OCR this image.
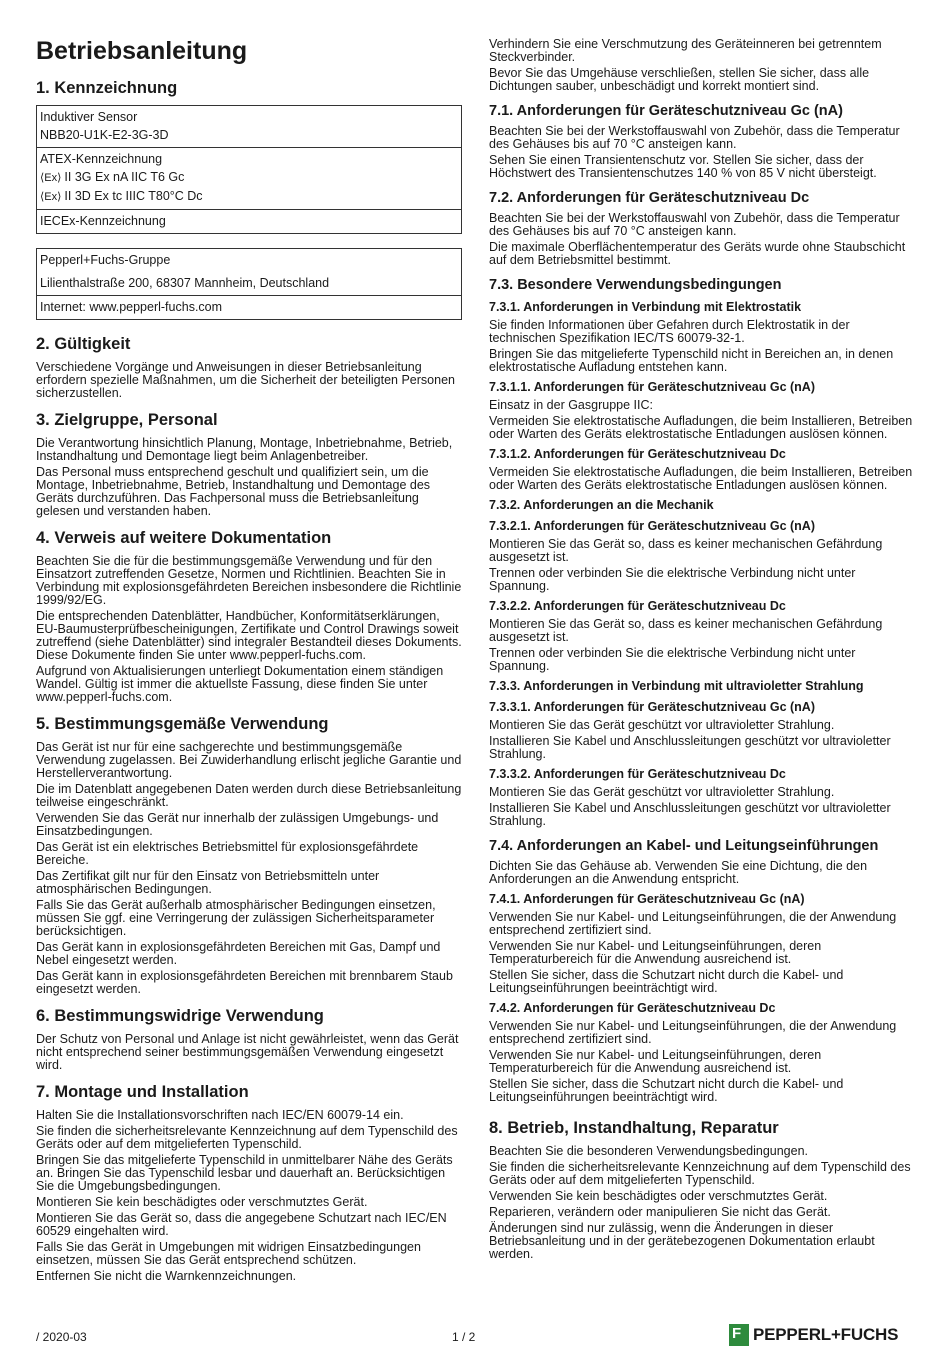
Betriebsanleitung
1. Kennzeichnung
Induktiver Sensor
NBB20-U1K-E2-3G-3D
ATEX-Kennzeichnung
⟨Ex⟩ II 3G Ex nA IIC T6 Gc
⟨Ex⟩ II 3D Ex tc IIIC T80°C Dc
IECEx-Kennzeichnung
Pepperl+Fuchs-Gruppe
Lilienthalstraße 200, 68307 Mannheim, Deutschland
Internet: www.pepperl-fuchs.com
2. Gültigkeit

Verschiedene Vorgänge und Anweisungen in dieser Betriebsanleitung erfordern spezielle Maßnahmen, um die Sicherheit der beteiligten Personen sicherzustellen.

3. Zielgruppe, Personal

Die Verantwortung hinsichtlich Planung, Montage, Inbetriebnahme, Betrieb, Instandhaltung und Demontage liegt beim Anlagenbetreiber.

Das Personal muss entsprechend geschult und qualifiziert sein, um die Montage, Inbetriebnahme, Betrieb, Instandhaltung und Demontage des Geräts durchzuführen. Das Fachpersonal muss die Betriebsanleitung gelesen und verstanden haben.

4. Verweis auf weitere Dokumentation

Beachten Sie die für die bestimmungsgemäße Verwendung und für den Einsatzort zutreffenden Gesetze, Normen und Richtlinien. Beachten Sie in Verbindung mit explosionsgefährdeten Bereichen insbesondere die Richtlinie 1999/92/EG.

Die entsprechenden Datenblätter, Handbücher, Konformitätserklärungen, EU-Baumusterprüfbescheinigungen, Zertifikate und Control Drawings soweit zutreffend (siehe Datenblätter) sind integraler Bestandteil dieses Dokuments. Diese Dokumente finden Sie unter www.pepperl-fuchs.com.

Aufgrund von Aktualisierungen unterliegt Dokumentation einem ständigen Wandel. Gültig ist immer die aktuellste Fassung, diese finden Sie unter www.pepperl-fuchs.com.

5. Bestimmungsgemäße Verwendung

Das Gerät ist nur für eine sachgerechte und bestimmungsgemäße Verwendung zugelassen. Bei Zuwiderhandlung erlischt jegliche Garantie und Herstellerverantwortung.

Die im Datenblatt angegebenen Daten werden durch diese Betriebsanleitung teilweise eingeschränkt.

Verwenden Sie das Gerät nur innerhalb der zulässigen Umgebungs- und Einsatzbedingungen.

Das Gerät ist ein elektrisches Betriebsmittel für explosionsgefährdete Bereiche.

Das Zertifikat gilt nur für den Einsatz von Betriebsmitteln unter atmosphärischen Bedingungen.

Falls Sie das Gerät außerhalb atmosphärischer Bedingungen einsetzen, müssen Sie ggf. eine Verringerung der zulässigen Sicherheitsparameter berücksichtigen.

Das Gerät kann in explosionsgefährdeten Bereichen mit Gas, Dampf und Nebel eingesetzt werden.

Das Gerät kann in explosionsgefährdeten Bereichen mit brennbarem Staub eingesetzt werden.

6. Bestimmungswidrige Verwendung

Der Schutz von Personal und Anlage ist nicht gewährleistet, wenn das Gerät nicht entsprechend seiner bestimmungsgemäßen Verwendung eingesetzt wird.

7. Montage und Installation

Halten Sie die Installationsvorschriften nach IEC/EN 60079-14 ein.

Sie finden die sicherheitsrelevante Kennzeichnung auf dem Typenschild des Geräts oder auf dem mitgelieferten Typenschild.

Bringen Sie das mitgelieferte Typenschild in unmittelbarer Nähe des Geräts an. Bringen Sie das Typenschild lesbar und dauerhaft an. Berücksichtigen Sie die Umgebungsbedingungen.

Montieren Sie kein beschädigtes oder verschmutztes Gerät.

Montieren Sie das Gerät so, dass die angegebene Schutzart nach IEC/EN 60529 eingehalten wird.

Falls Sie das Gerät in Umgebungen mit widrigen Einsatzbedingungen einsetzen, müssen Sie das Gerät entsprechend schützen.

Entfernen Sie nicht die Warnkennzeichnungen.

Verhindern Sie eine Verschmutzung des Geräteinneren bei getrenntem Steckverbinder.

Bevor Sie das Umgehäuse verschließen, stellen Sie sicher, dass alle Dichtungen sauber, unbeschädigt und korrekt montiert sind.

7.1. Anforderungen für Geräteschutzniveau Gc (nA)

Beachten Sie bei der Werkstoffauswahl von Zubehör, dass die Temperatur des Gehäuses bis auf 70 °C ansteigen kann.

Sehen Sie einen Transientenschutz vor. Stellen Sie sicher, dass der Höchstwert des Transientenschutzes 140 % von 85 V nicht übersteigt.

7.2. Anforderungen für Geräteschutzniveau Dc

Beachten Sie bei der Werkstoffauswahl von Zubehör, dass die Temperatur des Gehäuses bis auf 70 °C ansteigen kann.

Die maximale Oberflächentemperatur des Geräts wurde ohne Staubschicht auf dem Betriebsmittel bestimmt.

7.3. Besondere Verwendungsbedingungen
7.3.1. Anforderungen in Verbindung mit Elektrostatik

Sie finden Informationen über Gefahren durch Elektrostatik in der technischen Spezifikation IEC/TS 60079-32-1.

Bringen Sie das mitgelieferte Typenschild nicht in Bereichen an, in denen elektrostatische Aufladung entstehen kann.

7.3.1.1. Anforderungen für Geräteschutzniveau Gc (nA)

Einsatz in der Gasgruppe IIC:

Vermeiden Sie elektrostatische Aufladungen, die beim Installieren, Betreiben oder Warten des Geräts elektrostatische Entladungen auslösen können.

7.3.1.2. Anforderungen für Geräteschutzniveau Dc

Vermeiden Sie elektrostatische Aufladungen, die beim Installieren, Betreiben oder Warten des Geräts elektrostatische Entladungen auslösen können.

7.3.2. Anforderungen an die Mechanik
7.3.2.1. Anforderungen für Geräteschutzniveau Gc (nA)

Montieren Sie das Gerät so, dass es keiner mechanischen Gefährdung ausgesetzt ist.

Trennen oder verbinden Sie die elektrische Verbindung nicht unter Spannung.

7.3.2.2. Anforderungen für Geräteschutzniveau Dc

Montieren Sie das Gerät so, dass es keiner mechanischen Gefährdung ausgesetzt ist.

Trennen oder verbinden Sie die elektrische Verbindung nicht unter Spannung.

7.3.3. Anforderungen in Verbindung mit ultravioletter Strahlung
7.3.3.1. Anforderungen für Geräteschutzniveau Gc (nA)

Montieren Sie das Gerät geschützt vor ultravioletter Strahlung.

Installieren Sie Kabel und Anschlussleitungen geschützt vor ultravioletter Strahlung.

7.3.3.2. Anforderungen für Geräteschutzniveau Dc

Montieren Sie das Gerät geschützt vor ultravioletter Strahlung.

Installieren Sie Kabel und Anschlussleitungen geschützt vor ultravioletter Strahlung.

7.4. Anforderungen an Kabel- und Leitungseinführungen

Dichten Sie das Gehäuse ab. Verwenden Sie eine Dichtung, die den Anforderungen an die Anwendung entspricht.

7.4.1. Anforderungen für Geräteschutzniveau Gc (nA)

Verwenden Sie nur Kabel- und Leitungseinführungen, die der Anwendung entsprechend zertifiziert sind.

Verwenden Sie nur Kabel- und Leitungseinführungen, deren Temperaturbereich für die Anwendung ausreichend ist.

Stellen Sie sicher, dass die Schutzart nicht durch die Kabel- und Leitungseinführungen beeinträchtigt wird.

7.4.2. Anforderungen für Geräteschutzniveau Dc

Verwenden Sie nur Kabel- und Leitungseinführungen, die der Anwendung entsprechend zertifiziert sind.

Verwenden Sie nur Kabel- und Leitungseinführungen, deren Temperaturbereich für die Anwendung ausreichend ist.

Stellen Sie sicher, dass die Schutzart nicht durch die Kabel- und Leitungseinführungen beeinträchtigt wird.

8. Betrieb, Instandhaltung, Reparatur

Beachten Sie die besonderen Verwendungsbedingungen.

Sie finden die sicherheitsrelevante Kennzeichnung auf dem Typenschild des Geräts oder auf dem mitgelieferten Typenschild.

Verwenden Sie kein beschädigtes oder verschmutztes Gerät.

Reparieren, verändern oder manipulieren Sie nicht das Gerät.

Änderungen sind nur zulässig, wenn die Änderungen in dieser Betriebsanleitung und in der gerätebezogenen Dokumentation erlaubt werden.

/ 2020-03	1 / 2	F PEPPERL+FUCHS
